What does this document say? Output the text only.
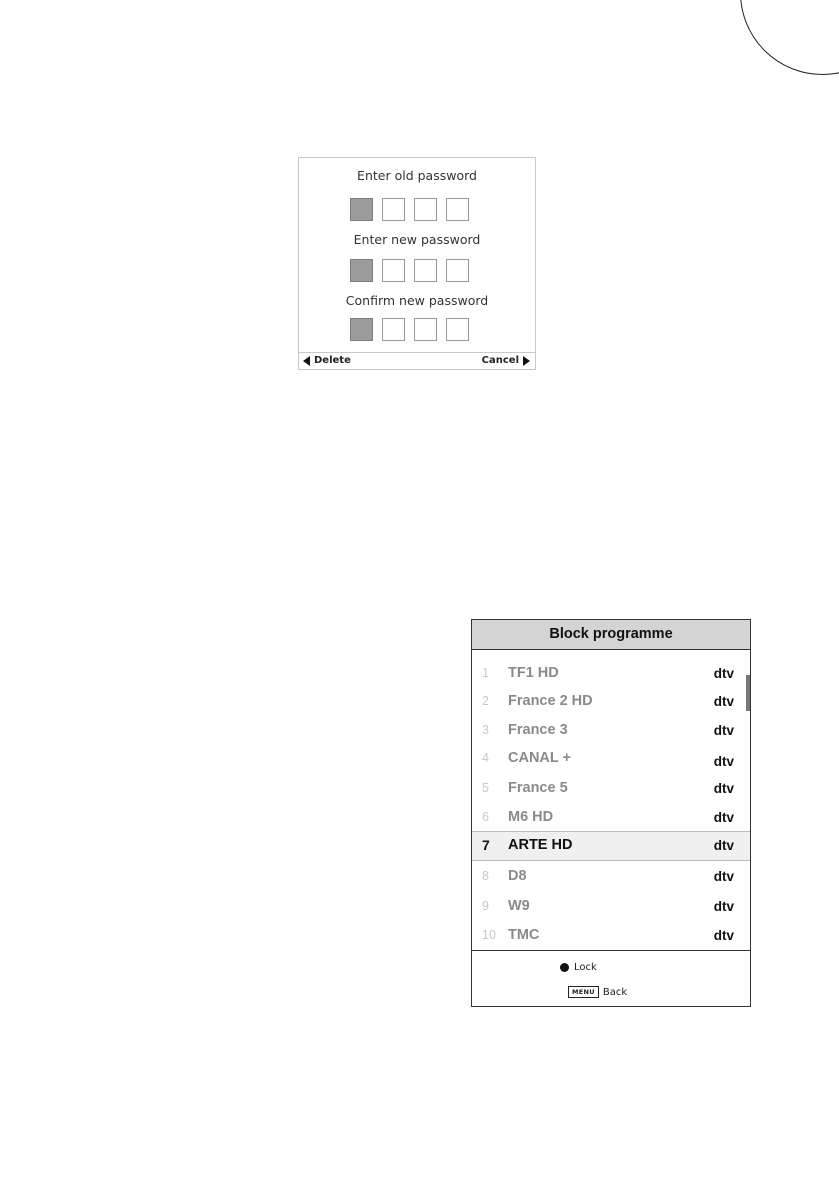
Enter old password
Enter new password
Confirm new password
Delete	Cancel
Block programme
1 TF1 HD	dtv
2 France 2 HD	dtv
3 France 3	dtv
4 CANAL +	dtv
5 France 5	dtv
6 M6 HD	dtv
7 ARTE HD	dtv
8 D8	dtv
9 W9	dtv
10 TMC	dtv
Lock
MENU Back
